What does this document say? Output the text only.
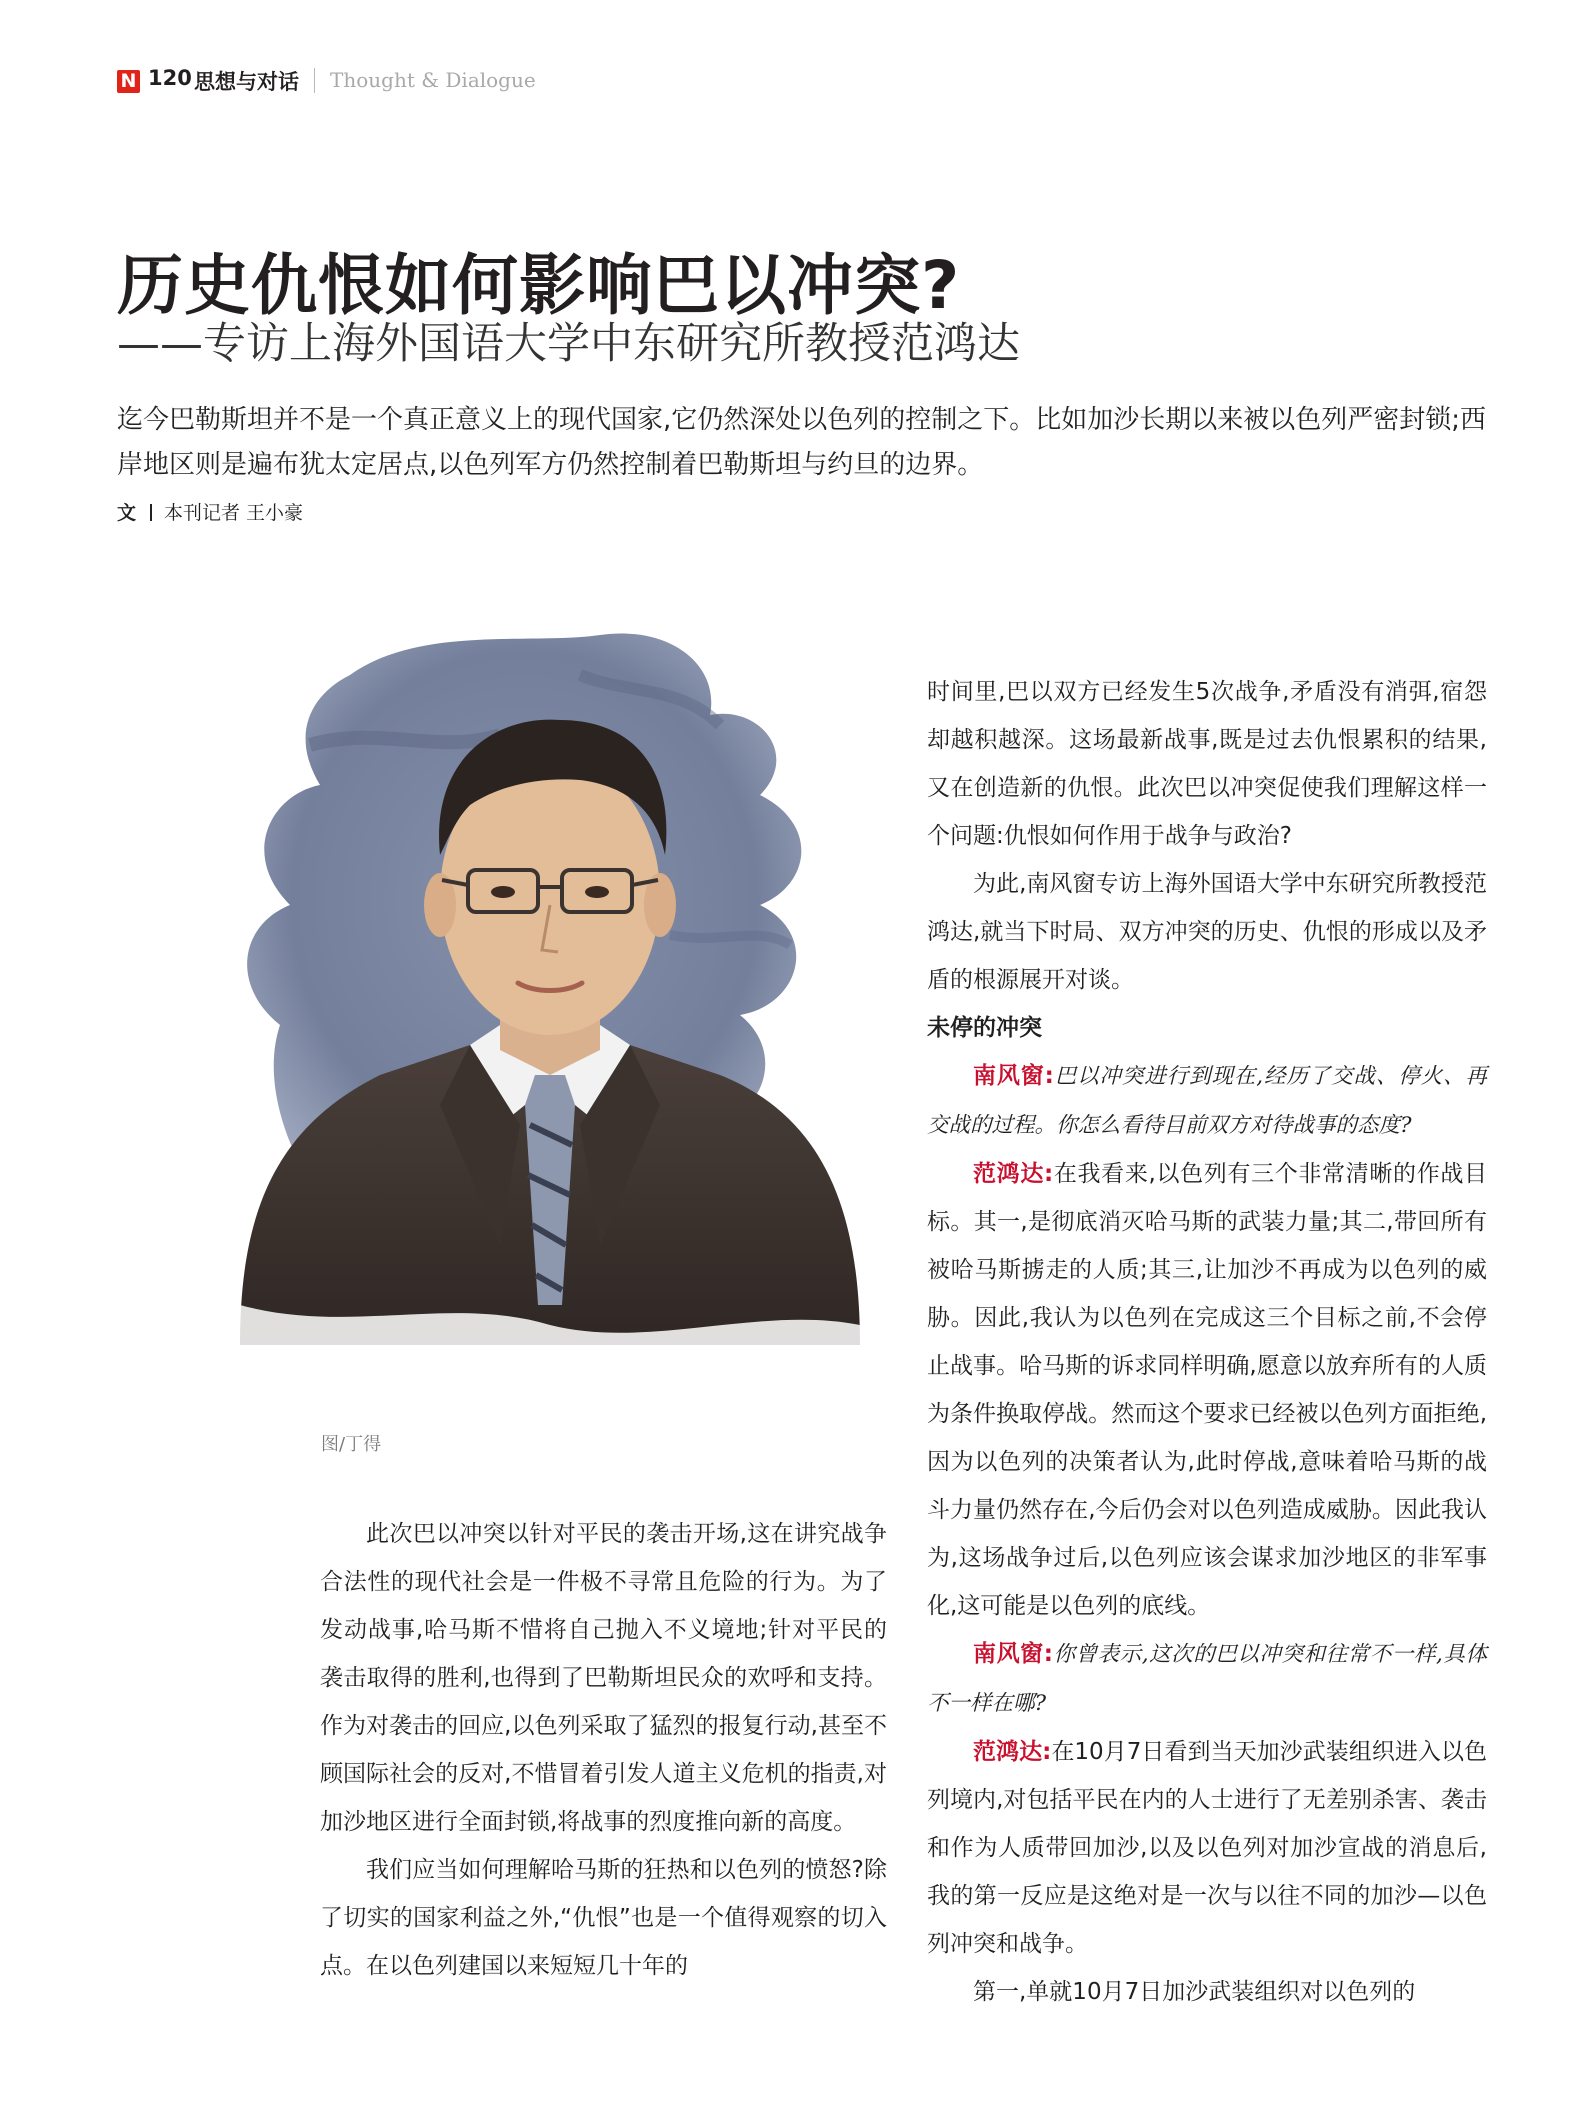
N 120 思想与对话 Thought & Dialogue
历史仇恨如何影响巴以冲突?
——专访上海外国语大学中东研究所教授范鸿达
迄今巴勒斯坦并不是一个真正意义上的现代国家,它仍然深处以色列的控制之下。比如加沙长期以来被以色列严密封锁;西岸地区则是遍布犹太定居点,以色列军方仍然控制着巴勒斯坦与约旦的边界。
文 本刊记者 王小豪
图/丁得

此次巴以冲突以针对平民的袭击开场,这在讲究战争合法性的现代社会是一件极不寻常且危险的行为。为了发动战事,哈马斯不惜将自己抛入不义境地;针对平民的袭击取得的胜利,也得到了巴勒斯坦民众的欢呼和支持。作为对袭击的回应,以色列采取了猛烈的报复行动,甚至不顾国际社会的反对,不惜冒着引发人道主义危机的指责,对加沙地区进行全面封锁,将战事的烈度推向新的高度。

我们应当如何理解哈马斯的狂热和以色列的愤怒?除了切实的国家利益之外,“仇恨”也是一个值得观察的切入点。在以色列建国以来短短几十年的

时间里,巴以双方已经发生5次战争,矛盾没有消弭,宿怨却越积越深。这场最新战事,既是过去仇恨累积的结果,又在创造新的仇恨。此次巴以冲突促使我们理解这样一个问题:仇恨如何作用于战争与政治?

为此,南风窗专访上海外国语大学中东研究所教授范鸿达,就当下时局、双方冲突的历史、仇恨的形成以及矛盾的根源展开对谈。

未停的冲突

南风窗:巴以冲突进行到现在,经历了交战、停火、再交战的过程。你怎么看待目前双方对待战事的态度?

范鸿达:在我看来,以色列有三个非常清晰的作战目标。其一,是彻底消灭哈马斯的武装力量;其二,带回所有被哈马斯掳走的人质;其三,让加沙不再成为以色列的威胁。因此,我认为以色列在完成这三个目标之前,不会停止战事。哈马斯的诉求同样明确,愿意以放弃所有的人质为条件换取停战。然而这个要求已经被以色列方面拒绝,因为以色列的决策者认为,此时停战,意味着哈马斯的战斗力量仍然存在,今后仍会对以色列造成威胁。因此我认为,这场战争过后,以色列应该会谋求加沙地区的非军事化,这可能是以色列的底线。

南风窗:你曾表示,这次的巴以冲突和往常不一样,具体不一样在哪?

范鸿达:在10月7日看到当天加沙武装组织进入以色列境内,对包括平民在内的人士进行了无差别杀害、袭击和作为人质带回加沙,以及以色列对加沙宣战的消息后,我的第一反应是这绝对是一次与以往不同的加沙—以色列冲突和战争。

第一,单就10月7日加沙武装组织对以色列的
